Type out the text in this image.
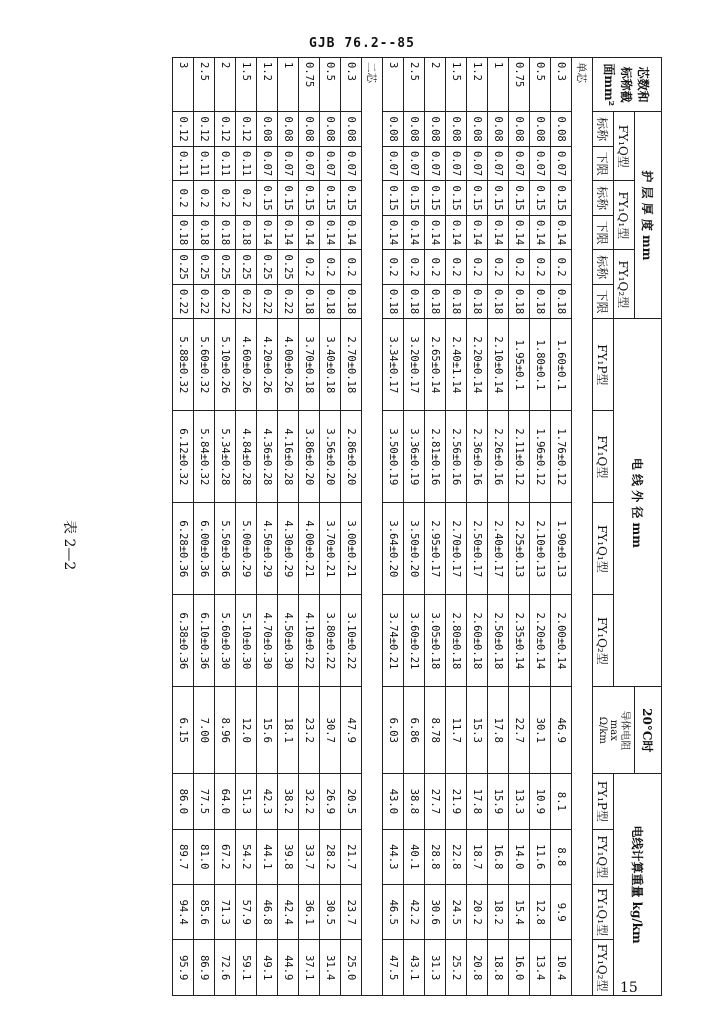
GJB 76.2--85
表 2—2
芯数和
标称截
面mm²	护 层 厚 度 mm						电 线 外 径 mm				20°C时	电线计算重量 kg/km			
	FY₁Q型		FY₁Q₁型		FY₁Q₂型						导体电阻
max
Ω/km				

	标称	下限	标称	下限	标称	下限	FY₁P型	FY₁Q型	FY₁Q₁型	FY₁Q₂型		FY₁P型	FY₁Q型	FY₁Q₁型	FY₁Q₂型
单芯															
0.3	0.08	0.07	0.15	0.14	0.2	0.18	1.60±0.1	1.76±0.12	1.90±0.13	2.00±0.14	46.9	8.1	8.8	9.9	10.4
0.5	0.08	0.07	0.15	0.14	0.2	0.18	1.80±0.1	1.96±0.12	2.10±0.13	2.20±0.14	30.1	10.9	11.6	12.8	13.4
0.75	0.08	0.07	0.15	0.14	0.2	0.18	1.95±0.1	2.11±0.12	2.25±0.13	2.35±0.14	22.7	13.3	14.0	15.4	16.0
1	0.08	0.07	0.15	0.14	0.2	0.18	2.10±0.14	2.26±0.16	2.40±0.17	2.50±0.18	17.8	15.9	16.8	18.2	18.8
1.2	0.08	0.07	0.15	0.14	0.2	0.18	2.20±0.14	2.36±0.16	2.50±0.17	2.60±0.18	15.3	17.8	18.7	20.2	20.8
1.5	0.08	0.07	0.15	0.14	0.2	0.18	2.40±1.14	2.56±0.16	2.70±0.17	2.80±0.18	11.7	21.9	22.8	24.5	25.2
2	0.08	0.07	0.15	0.14	0.2	0.18	2.65±0.14	2.81±0.16	2.95±0.17	3.05±0.18	8.78	27.7	28.8	30.6	31.3
2.5	0.08	0.07	0.15	0.14	0.2	0.18	3.20±0.17	3.36±0.19	3.50±0.20	3.60±0.21	6.86	38.8	40.1	42.2	43.1
3	0.08	0.07	0.15	0.14	0.2	0.18	3.34±0.17	3.50±0.19	3.64±0.20	3.74±0.21	6.03	43.0	44.3	46.5	47.5
二芯															
0.3	0.08	0.07	0.15	0.14	0.2	0.18	2.70±0.18	2.86±0.20	3.00±0.21	3.10±0.22	47.9	20.5	21.7	23.7	25.0
0.5	0.08	0.07	0.15	0.14	0.2	0.18	3.40±0.18	3.56±0.20	3.70±0.21	3.80±0.22	30.7	26.9	28.2	30.5	31.4
0.75	0.08	0.07	0.15	0.14	0.2	0.18	3.70±0.18	3.86±0.20	4.00±0.21	4.10±0.22	23.2	32.2	33.7	36.1	37.1
1	0.08	0.07	0.15	0.14	0.25	0.22	4.00±0.26	4.16±0.28	4.30±0.29	4.50±0.30	18.1	38.2	39.8	42.4	44.9
1.2	0.08	0.07	0.15	0.14	0.25	0.22	4.20±0.26	4.36±0.28	4.50±0.29	4.70±0.30	15.6	42.3	44.1	46.8	49.1
1.5	0.12	0.11	0.2	0.18	0.25	0.22	4.60±0.26	4.84±0.28	5.00±0.29	5.10±0.30	12.0	51.3	54.2	57.9	59.1
2	0.12	0.11	0.2	0.18	0.25	0.22	5.10±0.26	5.34±0.28	5.50±0.36	5.60±0.30	8.96	64.0	67.2	71.3	72.6
2.5	0.12	0.11	0.2	0.18	0.25	0.22	5.60±0.32	5.84±0.32	6.00±0.36	6.10±0.36	7.00	77.5	81.0	85.6	86.9
3	0.12	0.11	0.2	0.18	0.25	0.22	5.88±0.32	6.12±0.32	6.28±0.36	6.38±0.36	6.15	86.0	89.7	94.4	95.9
15
